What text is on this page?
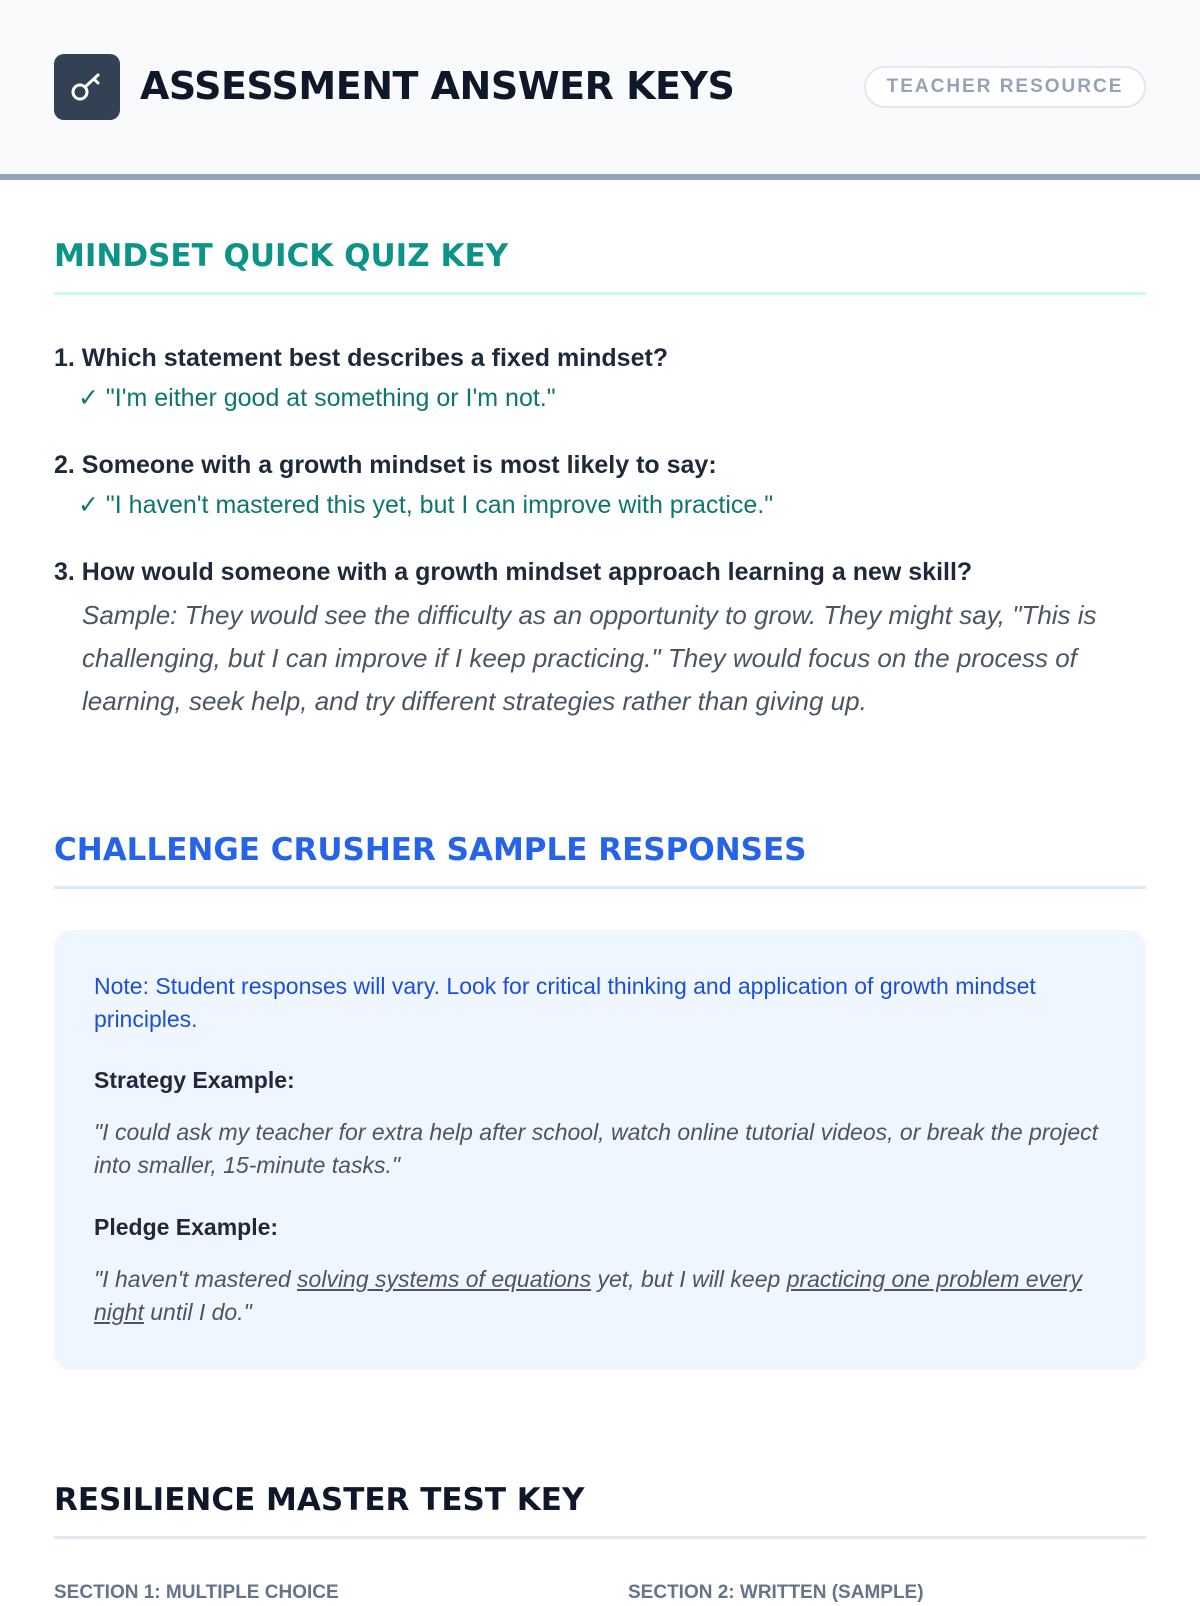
ASSESSMENT ANSWER KEYS	TEACHER RESOURCE
MINDSET QUICK QUIZ KEY
1. Which statement best describes a fixed mindset?
✓ "I'm either good at something or I'm not."
2. Someone with a growth mindset is most likely to say:
✓ "I haven't mastered this yet, but I can improve with practice."
3. How would someone with a growth mindset approach learning a new skill?
Sample: They would see the difficulty as an opportunity to grow. They might say, "This is challenging, but I can improve if I keep practicing." They would focus on the process of learning, seek help, and try different strategies rather than giving up.
CHALLENGE CRUSHER SAMPLE RESPONSES
Note: Student responses will vary. Look for critical thinking and application of growth mindset principles.
Strategy Example:
"I could ask my teacher for extra help after school, watch online tutorial videos, or break the project into smaller, 15-minute tasks."
Pledge Example:
"I haven't mastered solving systems of equations yet, but I will keep practicing one problem every night until I do."
RESILIENCE MASTER TEST KEY
SECTION 1: MULTIPLE CHOICE	SECTION 2: WRITTEN (SAMPLE)
